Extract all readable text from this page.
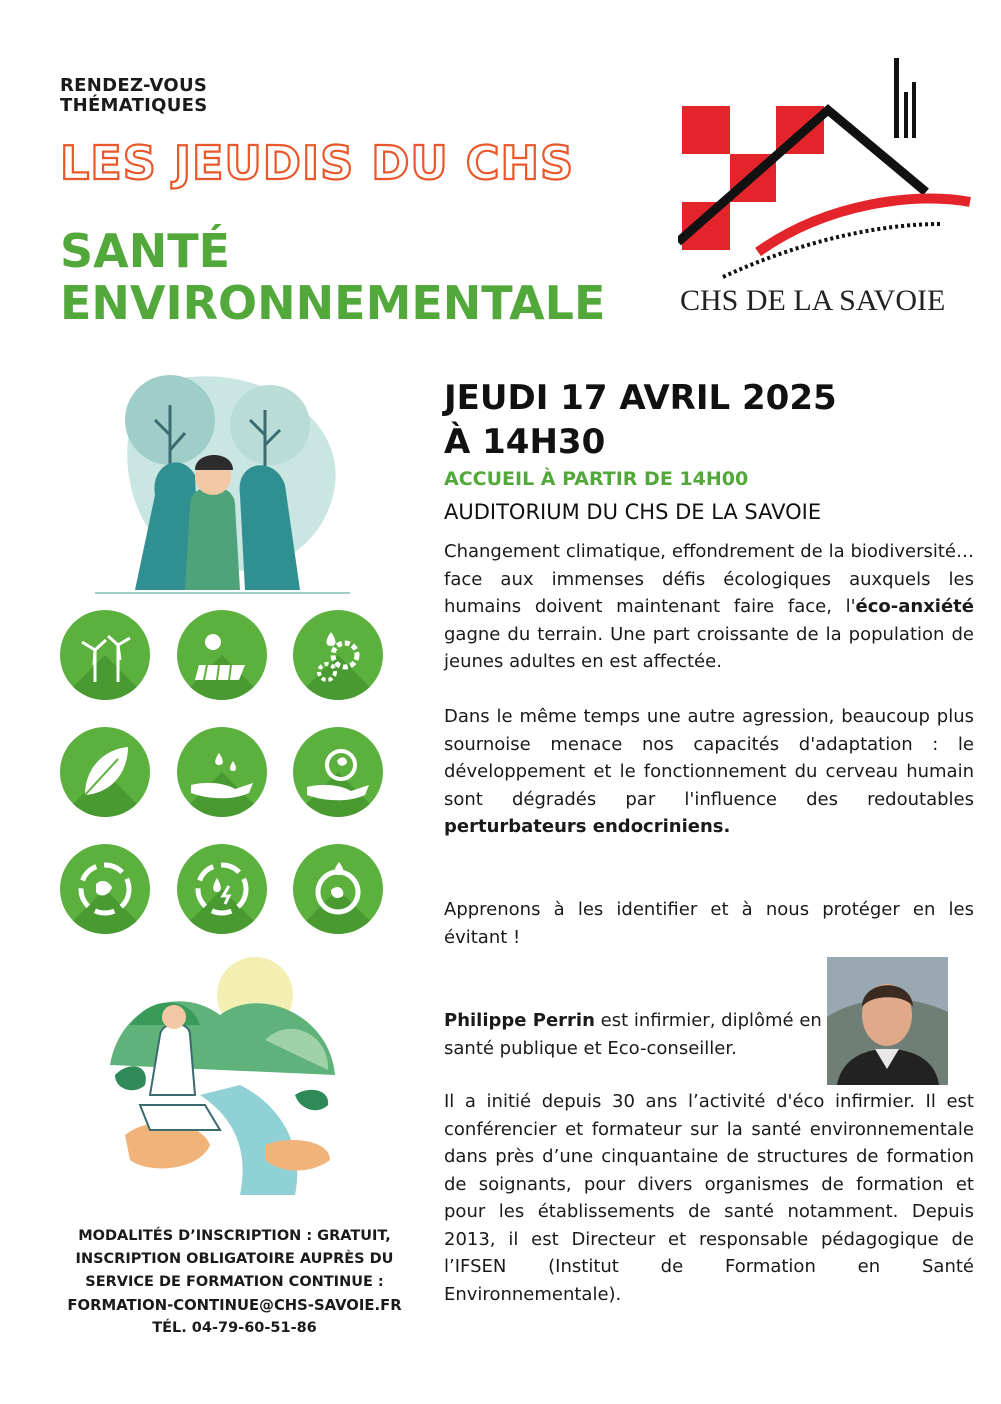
RENDEZ-VOUS
THÉMATIQUES
LES JEUDIS DU CHS
SANTÉ
ENVIRONNEMENTALE CHS DE LA SAVOIE
JEUDI 17 AVRIL 2025
À 14H30
ACCUEIL À PARTIR DE 14H00
AUDITORIUM DU CHS DE LA SAVOIE
Changement climatique, effondrement de la biodiversité… face aux immenses défis écologiques auxquels les humains doivent maintenant faire face, l'éco-anxiété gagne du terrain. Une part croissante de la population de jeunes adultes en est affectée.
Dans le même temps une autre agression, beaucoup plus sournoise menace nos capacités d'adaptation : le développement et le fonctionnement du cerveau humain sont dégradés par l'influence des redoutables perturbateurs endocriniens.
Apprenons à les identifier et à nous protéger en les évitant !
Philippe Perrin est infirmier, diplômé en santé publique et Eco-conseiller.
Il a initié depuis 30 ans l’activité d'éco infirmier. Il est conférencier et formateur sur la santé environnementale dans près d’une cinquantaine de structures de formation de soignants, pour divers organismes de formation et pour les établissements de santé notamment. Depuis 2013, il est Directeur et responsable pédagogique de l’IFSEN (Institut de Formation en Santé Environnementale).
MODALITÉS D’INSCRIPTION : GRATUIT,
INSCRIPTION OBLIGATOIRE AUPRÈS DU
SERVICE DE FORMATION CONTINUE :
FORMATION-CONTINUE@CHS-SAVOIE.FR
TÉL. 04-79-60-51-86
